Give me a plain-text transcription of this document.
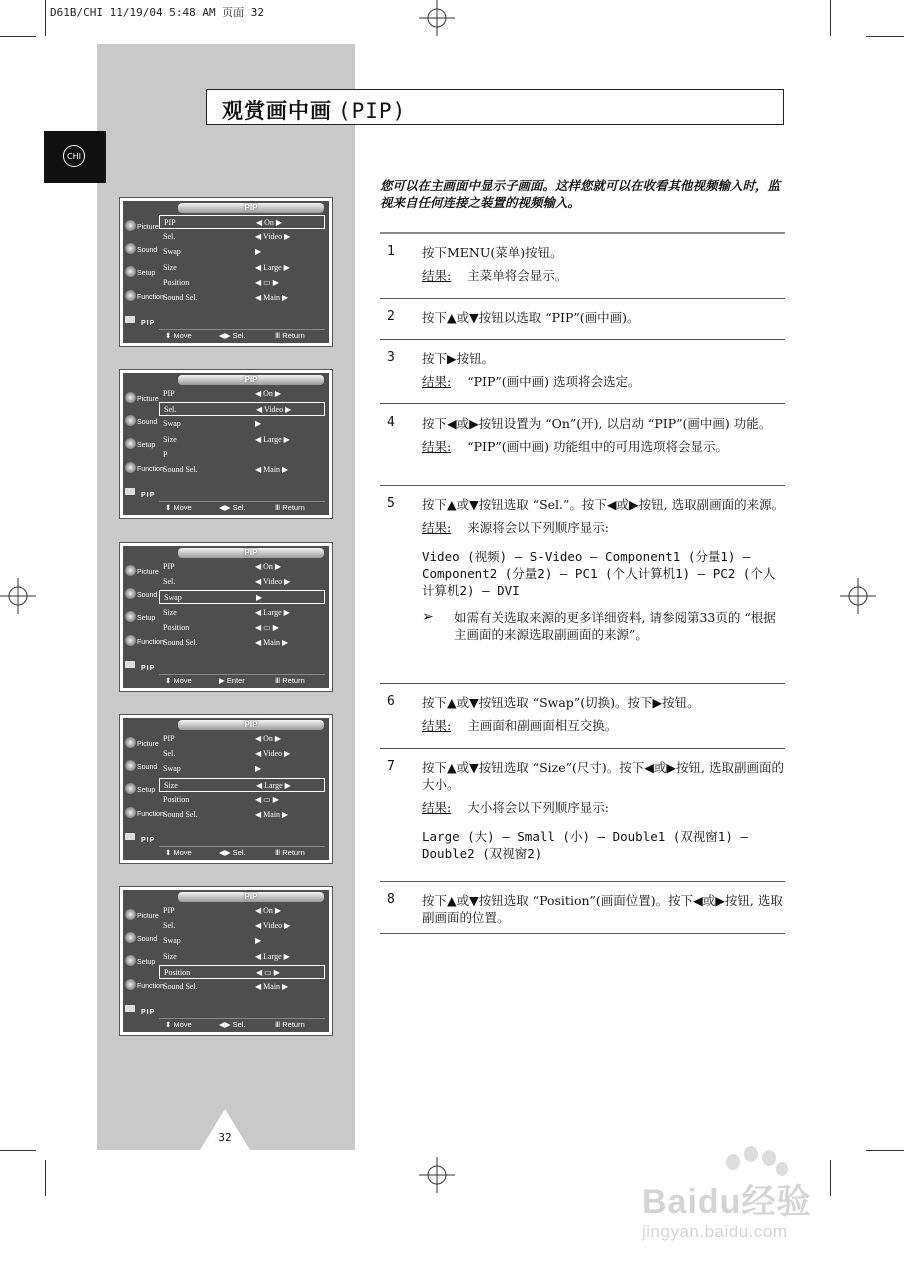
D61B/CHI 11/19/04 5:48 AM 页面 32
CHI
观赏画中画 (PIP)
您可以在主画面中显示子画面。这样您就可以在收看其他视频输入时，监视来自任何连接之装置的视频输入。
1 按下MENU(菜单)按钮。
结果: 主菜单将会显示。
2 按下▲或▼按钮以选取 “PIP”(画中画)。
3 按下▶按钮。
结果: “PIP”(画中画) 选项将会选定。
4 按下◀或▶按钮设置为 “On”(开), 以启动 “PIP”(画中画) 功能。
结果: “PIP”(画中画) 功能组中的可用选项将会显示。
5 按下▲或▼按钮选取 “Sel.”。按下◀或▶按钮, 选取副画面的来源。
结果: 来源将会以下列顺序显示:
Video (视频) – S-Video – Component1 (分量1) – Component2 (分量2) – PC1 (个人计算机1) – PC2 (个人计算机2) – DVI
➢ 如需有关选取来源的更多详细资料, 请参阅第33页的 “根据主画面的来源选取副画面的来源”。
6 按下▲或▼按钮选取 “Swap”(切换)。按下▶按钮。
结果: 主画面和副画面相互交换。
7 按下▲或▼按钮选取 “Size”(尺寸)。按下◀或▶按钮, 选取副画面的大小。
结果: 大小将会以下列顺序显示:
Large (大) – Small (小) – Double1 (双视窗1) – Double2 (双视窗2)
8 按下▲或▼按钮选取 “Position”(画面位置)。按下◀或▶按钮, 选取副画面的位置。
PIP
Picture
Sound
Setup
Function
PIP
PIP	◀ On ▶
Sel.	◀ Video ▶
Swap	▶
Size	◀ Large ▶
Position	◀ ▭ ▶
Sound Sel.	◀ Main ▶
⬍ Move	◀▶ Sel.	Ⅲ Return
PIP
Picture
Sound
Setup
Function
PIP
PIP	◀ On ▶
Sel.	◀ Video ▶
Swap	▶
Size	◀ Large ▶
P
Sound Sel.	◀ Main ▶
⬍ Move	◀▶ Sel.	Ⅲ Return
PIP
Picture
Sound
Setup
Function
PIP
PIP	◀ On ▶
Sel.	◀ Video ▶
Swap	▶
Size	◀ Large ▶
Position	◀ ▭ ▶
Sound Sel.	◀ Main ▶
⬍ Move	▶ Enter	Ⅲ Return
PIP
Picture
Sound
Setup
Function
PIP
PIP	◀ On ▶
Sel.	◀ Video ▶
Swap	▶
Size	◀ Large ▶
Position	◀ ▭ ▶
Sound Sel.	◀ Main ▶
⬍ Move	◀▶ Sel.	Ⅲ Return
PIP
Picture
Sound
Setup
Function
PIP
PIP	◀ On ▶
Sel.	◀ Video ▶
Swap	▶
Size	◀ Large ▶
Position	◀ ▭ ▶
Sound Sel.	◀ Main ▶
⬍ Move	◀▶ Sel.	Ⅲ Return
32
Baidu经验
jingyan.baidu.com
